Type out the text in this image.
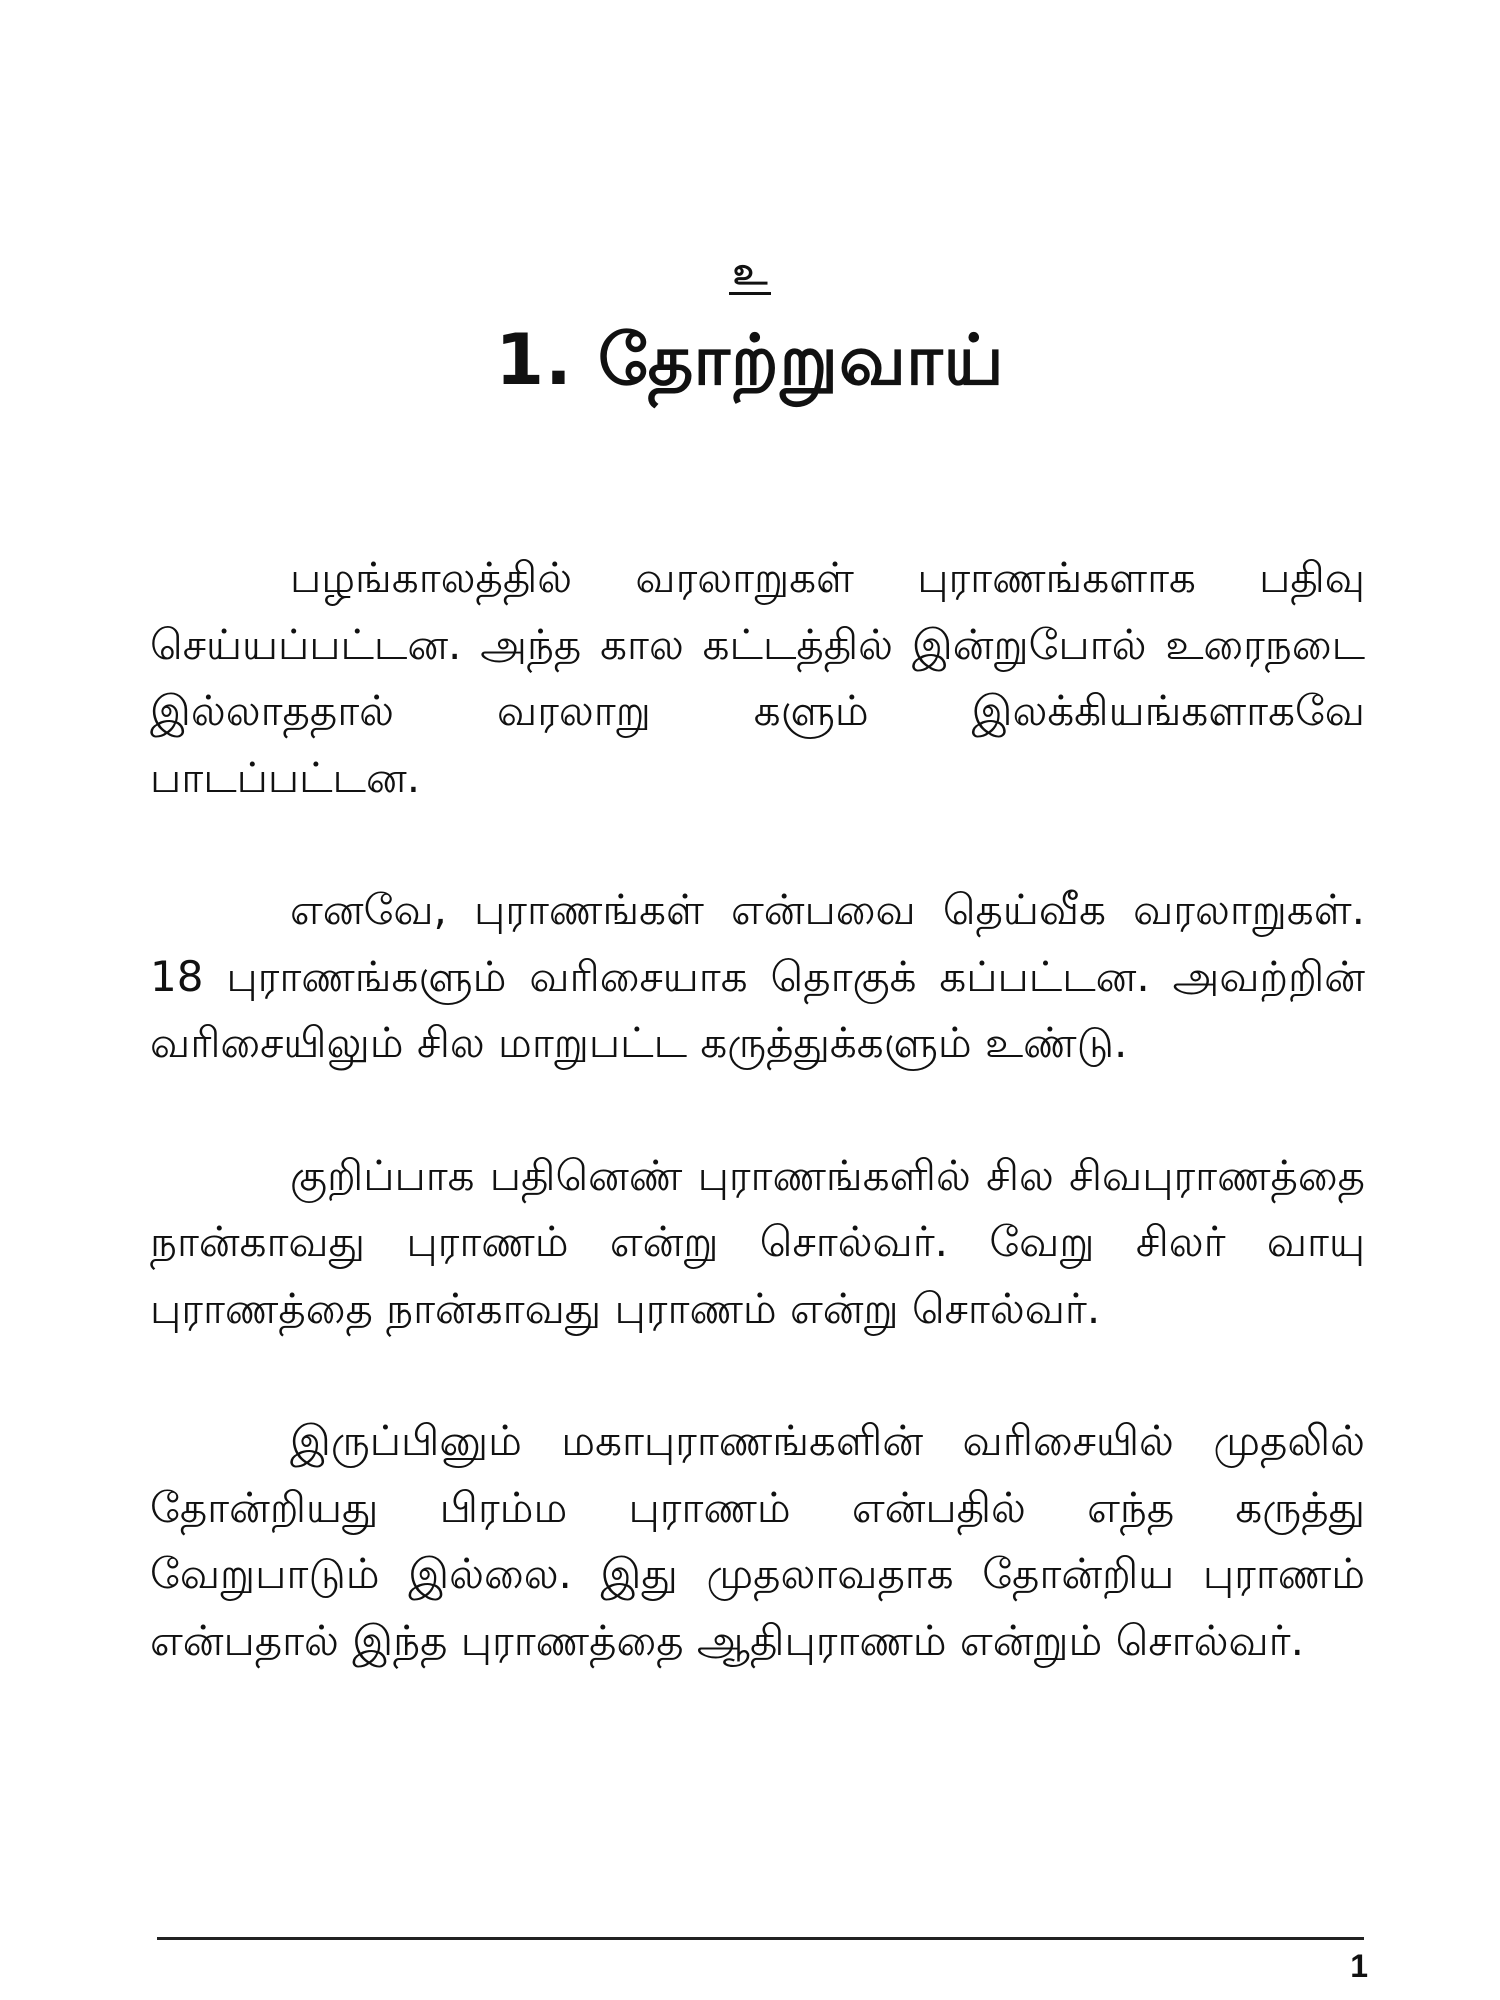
உ
1. தோற்றுவாய்

பழங்காலத்தில் வரலாறுகள் புராணங்களாக பதிவு செய்யப்பட்டன. அந்த கால கட்டத்தில் இன்றுபோல் உரைநடை இல்லாததால் வரலாறு களும் இலக்கியங்களாகவே பாடப்பட்டன.

எனவே, புராணங்கள் என்பவை தெய்வீக வரலாறுகள். 18 புராணங்களும் வரிசையாக தொகுக் கப்பட்டன. அவற்றின் வரிசையிலும் சில மாறுபட்ட கருத்துக்களும் உண்டு.

குறிப்பாக பதினெண் புராணங்களில் சில சிவபுராணத்தை நான்காவது புராணம் என்று சொல்வர். வேறு சிலர் வாயு புராணத்தை நான்காவது புராணம் என்று சொல்வர்.

இருப்பினும் மகாபுராணங்களின் வரிசையில் முதலில் தோன்றியது பிரம்ம புராணம் என்பதில் எந்த கருத்து வேறுபாடும் இல்லை. இது முதலாவதாக தோன்றிய புராணம் என்பதால் இந்த புராணத்தை ஆதிபுராணம் என்றும் சொல்வர்.

1
